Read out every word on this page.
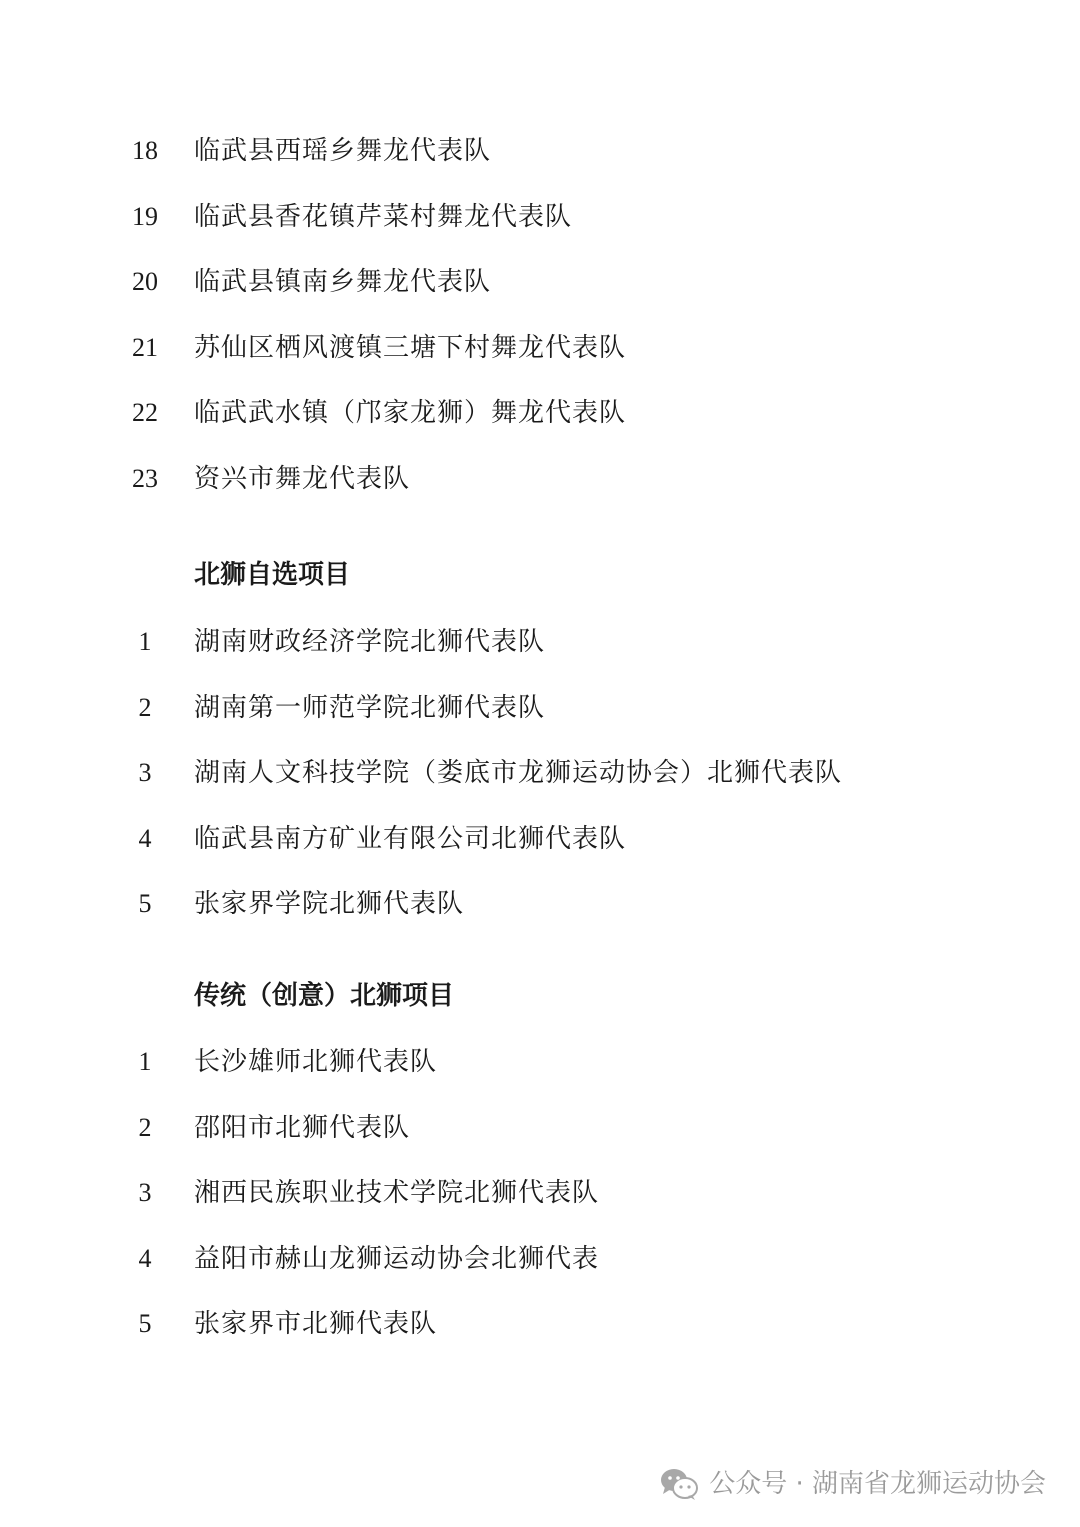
18	临武县西瑶乡舞龙代表队
19	临武县香花镇芹菜村舞龙代表队
20	临武县镇南乡舞龙代表队
21	苏仙区栖风渡镇三塘下村舞龙代表队
22	临武武水镇（邝家龙狮）舞龙代表队
23	资兴市舞龙代表队
北狮自选项目
1	湖南财政经济学院北狮代表队
2	湖南第一师范学院北狮代表队
3	湖南人文科技学院（娄底市龙狮运动协会）北狮代表队
4	临武县南方矿业有限公司北狮代表队
5	张家界学院北狮代表队
传统（创意）北狮项目
1	长沙雄师北狮代表队
2	邵阳市北狮代表队
3	湘西民族职业技术学院北狮代表队
4	益阳市赫山龙狮运动协会北狮代表
5	张家界市北狮代表队
公众号 · 湖南省龙狮运动协会
